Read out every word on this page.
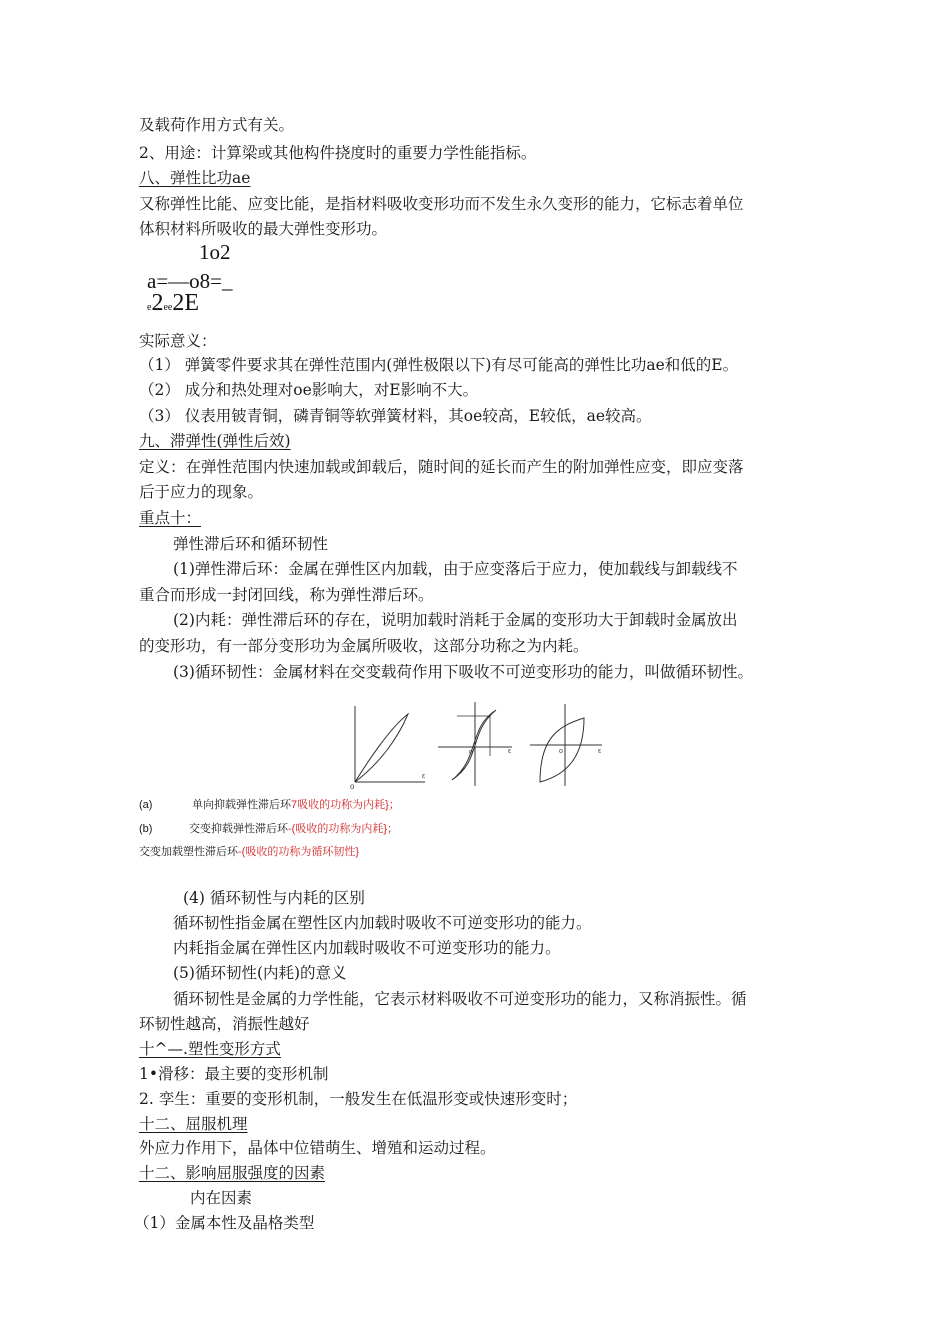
及载荷作用方式有关。
2、用途：计算梁或其他构件挠度时的重要力学性能指标。
八、弹性比功ae
又称弹性比能、应变比能，是指材料吸收变形功而不发生永久变形的能力，它标志着单位
体积材料所吸收的最大弹性变形功。
1o2
a=—o8=_
e2ee2E
实际意义：
（1） 弹簧零件要求其在弹性范围内(弹性极限以下)有尽可能高的弹性比功ae和低的E。
（2） 成分和热处理对oe影响大，对E影响不大。
（3） 仪表用铍青铜，磷青铜等软弹簧材料，其oe较高，E较低，ae较高。
九、滞弹性(弹性后效)
定义：在弹性范围内快速加载或卸载后，随时间的延长而产生的附加弹性应变，即应变落
后于应力的现象。
重点十：
弹性滞后环和循环韧性
(1)弹性滞后环：金属在弹性区内加载，由于应变落后于应力，使加载线与卸载线不
重合而形成一封闭回线，称为弹性滞后环。
(2)内耗：弹性滞后环的存在，说明加载时消耗于金属的变形功大于卸载时金属放出
的变形功，有一部分变形功为金属所吸收，这部分功称之为内耗。
(3)循环韧性：金属材料在交变载荷作用下吸收不可逆变形功的能力，叫做循环韧性。
o
ε
o	ε	o	ε
(a)	单向抑载弹性滞后环7吸收的功称为内耗}；
(b)	交变抑载弹性滞后环-(吸收的功称为内耗}；
交变加载塑性滞后环-(吸收的功称为循环韧性}
(4) 循环韧性与内耗的区别
循环韧性指金属在塑性区内加载时吸收不可逆变形功的能力。
内耗指金属在弹性区内加载时吸收不可逆变形功的能力。
(5)循环韧性(内耗)的意义
循环韧性是金属的力学性能，它表示材料吸收不可逆变形功的能力，又称消振性。循
环韧性越高，消振性越好
十^—.塑性变形方式
1•滑移：最主要的变形机制
2. 孪生：重要的变形机制，一般发生在低温形变或快速形变时；
十二、屈服机理
外应力作用下，晶体中位错萌生、增殖和运动过程。
十二、影响屈服强度的因素
内在因素
（1）金属本性及晶格类型
